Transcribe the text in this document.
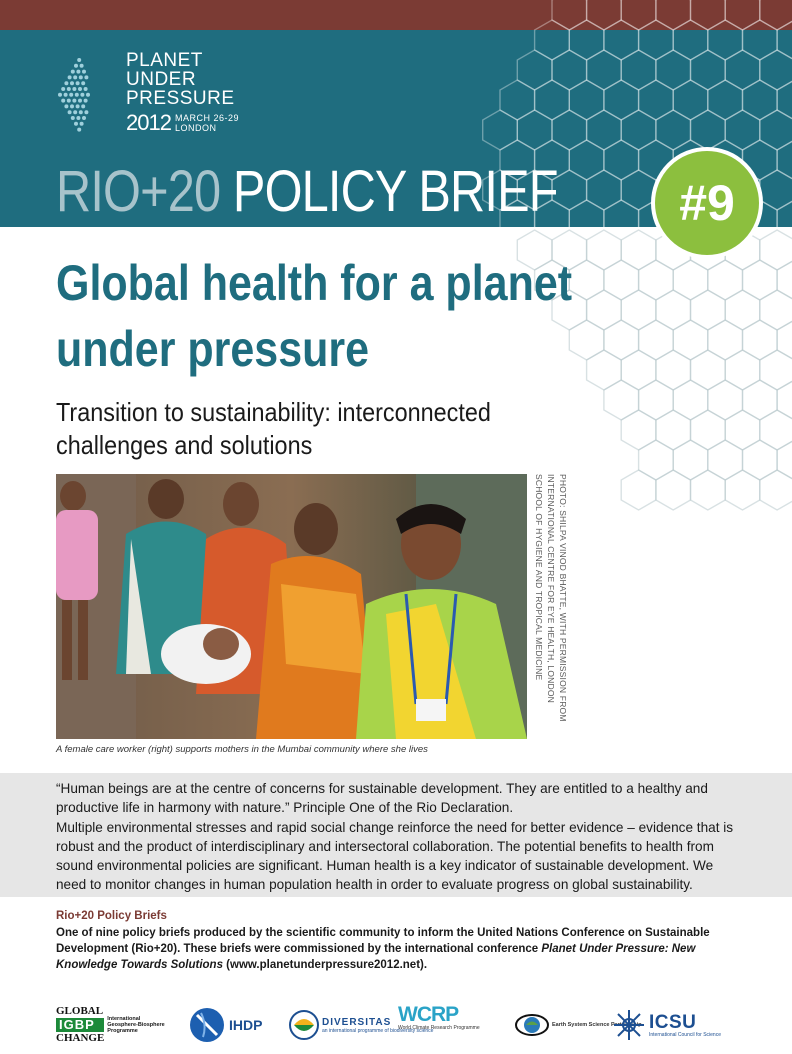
PLANET
UNDER
PRESSURE
2012 MARCH 26-29
LONDON
RIO+20 POLICY BRIEF	#9
Global health for a planet
under pressure
Transition to sustainability: interconnected
challenges and solutions
PHOTO: SHILPA VINOD BHATTE, WITH PERMISSION FROM INTERNATIONAL CENTRE FOR EYE HEALTH, LONDON SCHOOL OF HYGIENE AND TROPICAL MEDICINE
A female care worker (right) supports mothers in the Mumbai community where she lives
“Human beings are at the centre of concerns for sustainable development. They are entitled to a healthy and productive life in harmony with nature.” Principle One of the Rio Declaration.
Multiple environmental stresses and rapid social change reinforce the need for better evidence – evidence that is robust and the product of interdisciplinary and intersectoral collaboration. The potential benefits to health from sound environmental policies are significant. Human health is a key indicator of sustainable development. We need to monitor changes in human population health in order to evaluate progress on global sustainability.
Rio+20 Policy Briefs
One of nine policy briefs produced by the scientific community to inform the United Nations Conference on Sustainable Development (Rio+20). These briefs were commissioned by the international conference Planet Under Pressure: New Knowledge Towards Solutions (www.planetunderpressure2012.net).
GLOBAL
IGBP
CHANGE
International Geosphere-Biosphere Programme	IHDP	DIVERSITAS
an international programme of biodiversity science
WCRP
World Climate Research Programme	Earth System Science Partnership ICSU
International Council for Science
